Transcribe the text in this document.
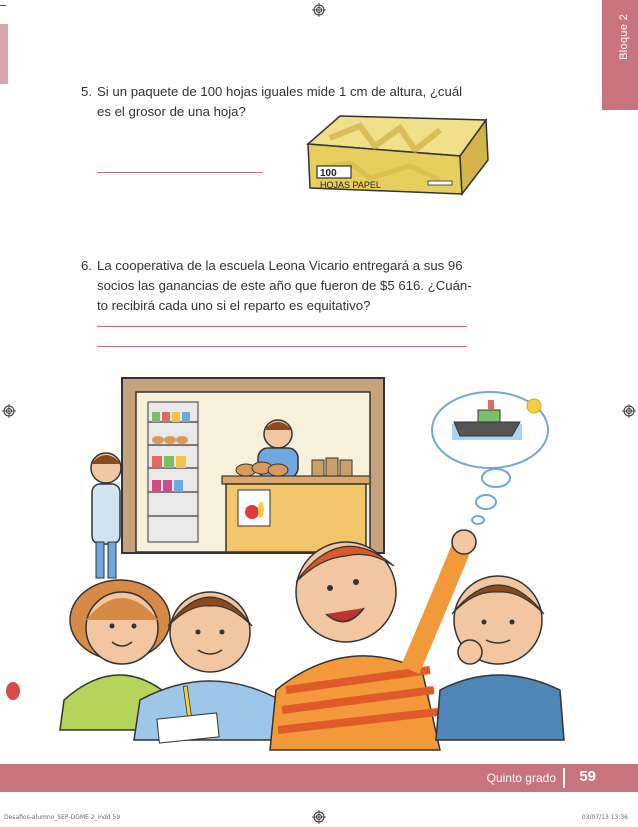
Bloque 2
5. Si un paquete de 100 hojas iguales mide 1 cm de altura, ¿cuál
es el grosor de una hoja?
100
HOJAS PAPEL
6. La cooperativa de la escuela Leona Vicario entregará a sus 96
socios las ganancias de este año que fueron de $5 616. ¿Cuán-
to recibirá cada uno si el reparto es equitativo?
Quinto grado 59
Desafios-alumno_SEP-DGME 2_indd 59	03/07/13 13:36
